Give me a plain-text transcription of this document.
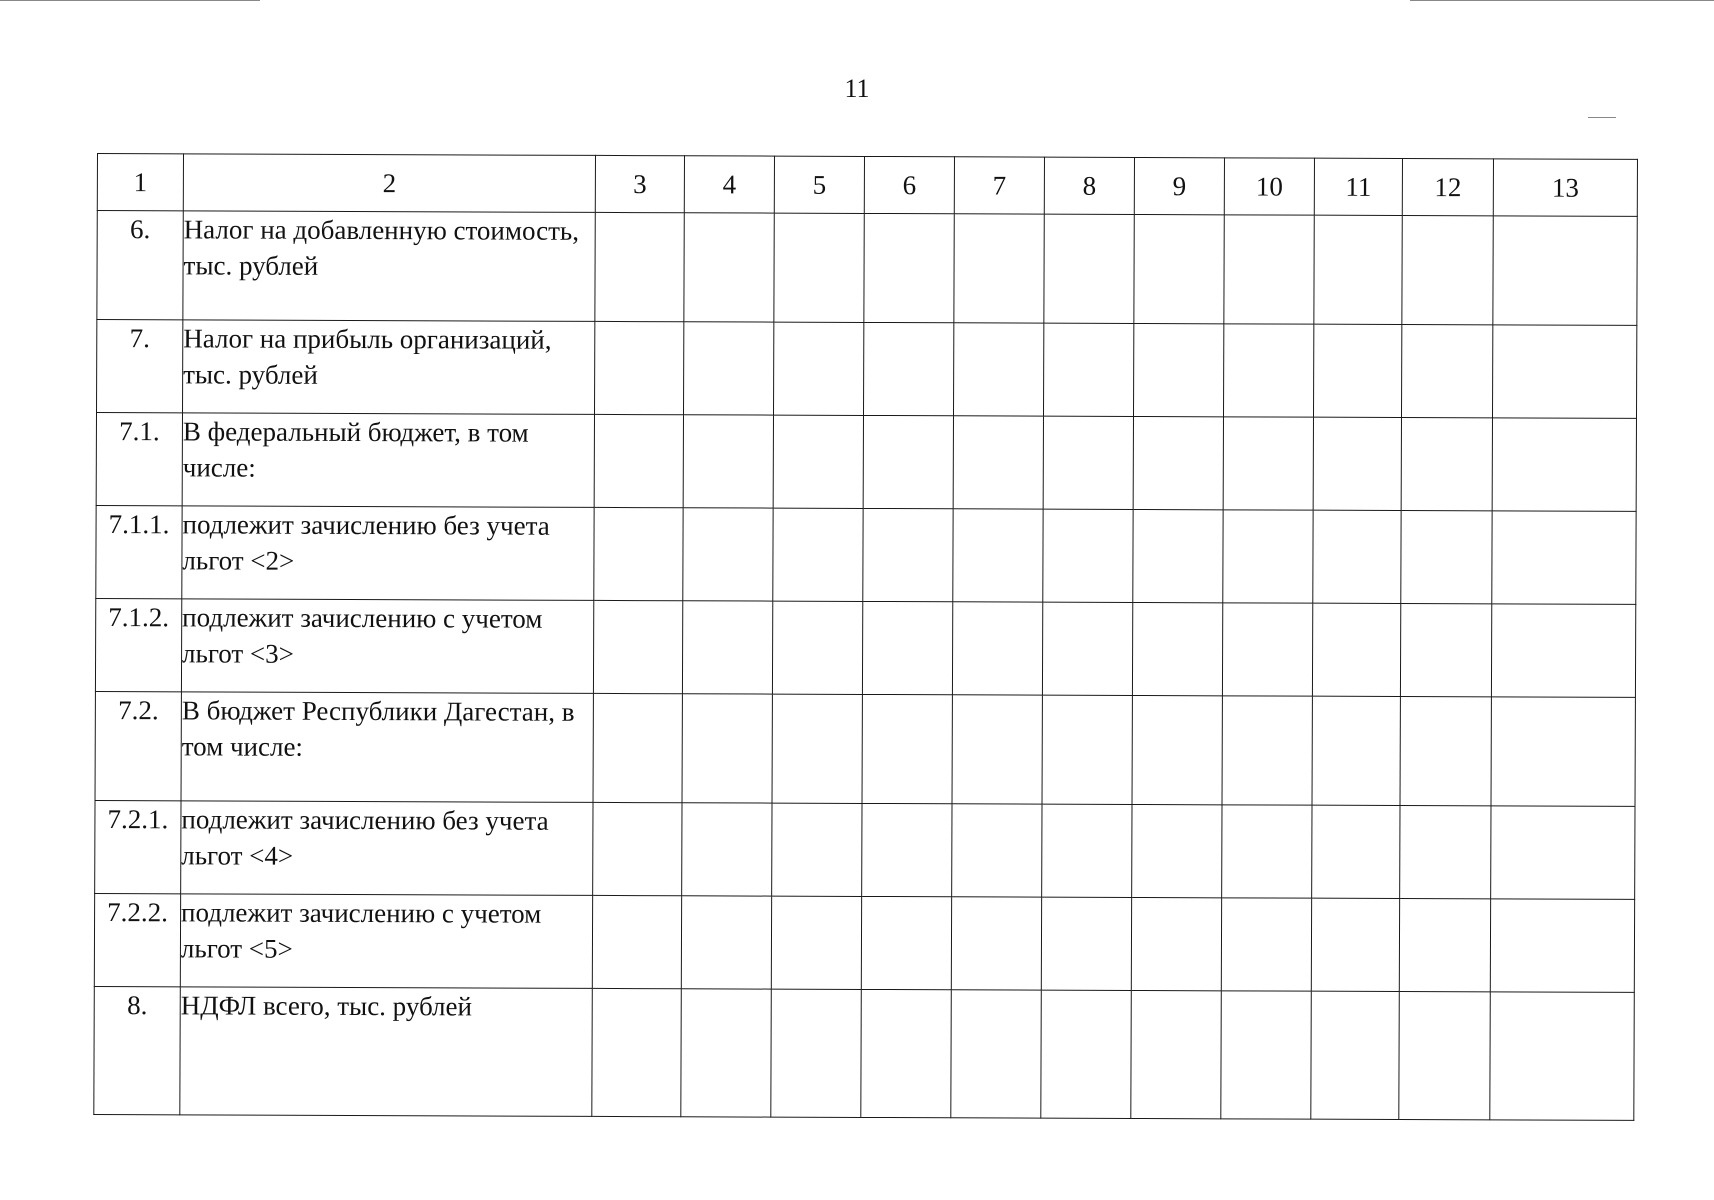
11
1	2	3	4	5	6	7	8	9	10	11	12	13
6.	Налог на добавленную стоимость, тыс. рублей											
7.	Налог на прибыль организаций, тыс. рублей											
7.1.	В федеральный бюджет, в том числе:											
7.1.1.	подлежит зачислению без учета льгот <2>											
7.1.2.	подлежит зачислению с учетом льгот <3>											
7.2.	В бюджет Республики Дагестан, в том числе:											
7.2.1.	подлежит зачислению без учета льгот <4>											
7.2.2.	подлежит зачислению с учетом льгот <5>											
8.	НДФЛ всего, тыс. рублей											
